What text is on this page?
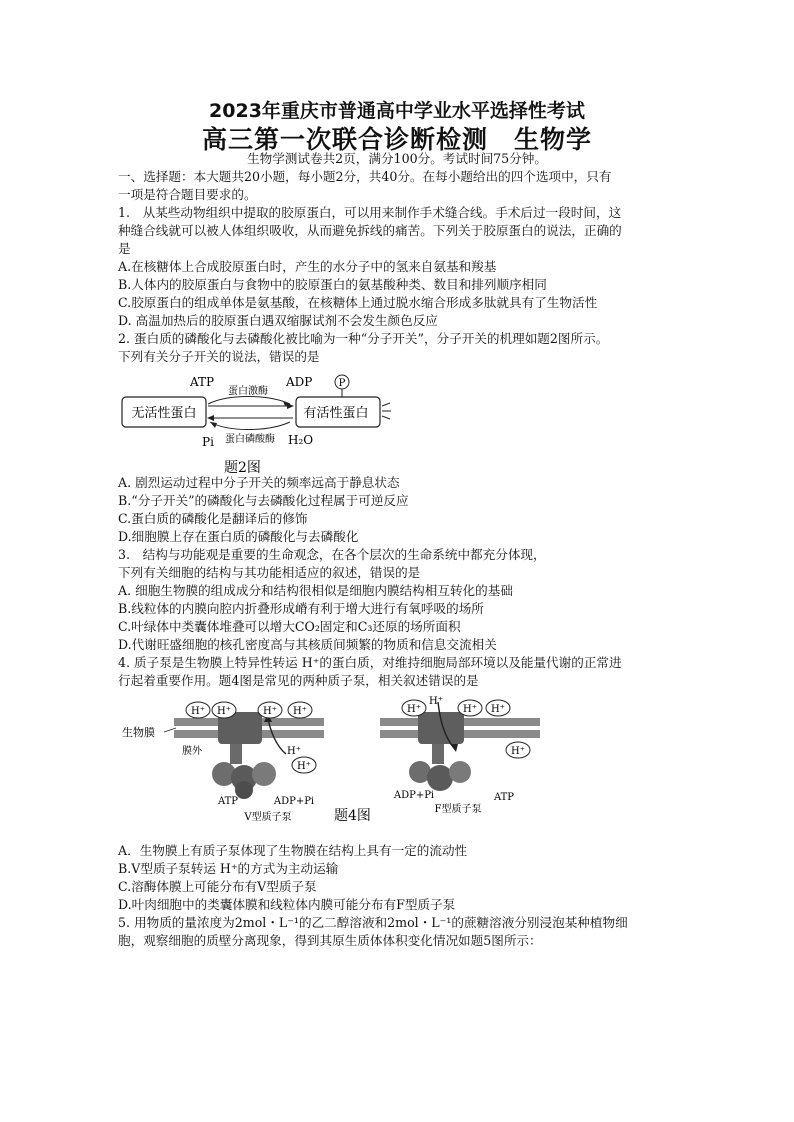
2023年重庆市普通高中学业水平选择性考试
高三第一次联合诊断检测　生物学
生物学测试卷共2页，满分100分。考试时间75分钟。
一、选择题：本大题共20小题，每小题2分，共40分。在每小题给出的四个选项中，只有
一项是符合题目要求的。
1.　从某些动物组织中提取的胶原蛋白，可以用来制作手术缝合线。手术后过一段时间，这
种缝合线就可以被人体组织吸收，从而避免拆线的痛苦。下列关于胶原蛋白的说法，正确的
是
A.在核糖体上合成胶原蛋白时，产生的水分子中的氢来自氨基和羧基
B.人体内的胶原蛋白与食物中的胶原蛋白的氨基酸种类、数目和排列顺序相同
C.胶原蛋白的组成单体是氨基酸，在核糖体上通过脱水缩合形成多肽就具有了生物活性
D. 高温加热后的胶原蛋白遇双缩脲试剂不会发生颜色反应
2. 蛋白质的磷酸化与去磷酸化被比喻为一种“分子开关”，分子开关的机理如题2图所示。
下列有关分子开关的说法，错误的是
无活性蛋白	有活性蛋白
ATP	ADP	P
蛋白激酶
蛋白磷酸酶
Pi	H₂O
题2图
A. 剧烈运动过程中分子开关的频率远高于静息状态
B.“分子开关”的磷酸化与去磷酸化过程属于可逆反应
C.蛋白质的磷酸化是翻译后的修饰
D.细胞膜上存在蛋白质的磷酸化与去磷酸化
3.　结构与功能观是重要的生命观念，在各个层次的生命系统中都充分体现，
下列有关细胞的结构与其功能相适应的叙述，错误的是
A. 细胞生物膜的组成成分和结构很相似是细胞内膜结构相互转化的基础
B.线粒体的内膜向腔内折叠形成嵴有利于增大进行有氧呼吸的场所
C.叶绿体中类囊体堆叠可以增大CO₂固定和C₃还原的场所面积
D.代谢旺盛细胞的核孔密度高与其核质间频繁的物质和信息交流相关
4. 质子泵是生物膜上特异性转运 H⁺的蛋白质，对维持细胞局部环境以及能量代谢的正常进
行起着重要作用。题4图是常见的两种质子泵，相关叙述错误的是
H⁺ H⁺	H⁺ H⁺
H⁺
H⁺
生物膜
膜外
ATP	ADP+Pi
V型质子泵	题4图
H⁺
H⁺
H⁺ H⁺
H⁺
ADP+Pi	ATP
F型质子泵
A．生物膜上有质子泵体现了生物膜在结构上具有一定的流动性
B.V型质子泵转运 H⁺的方式为主动运输
C.溶酶体膜上可能分布有V型质子泵
D.叶肉细胞中的类囊体膜和线粒体内膜可能分布有F型质子泵
5. 用物质的量浓度为2mol・L⁻¹的乙二醇溶液和2mol・L⁻¹的蔗糖溶液分别浸泡某种植物细
胞，观察细胞的质壁分离现象，得到其原生质体体积变化情况如题5图所示：
